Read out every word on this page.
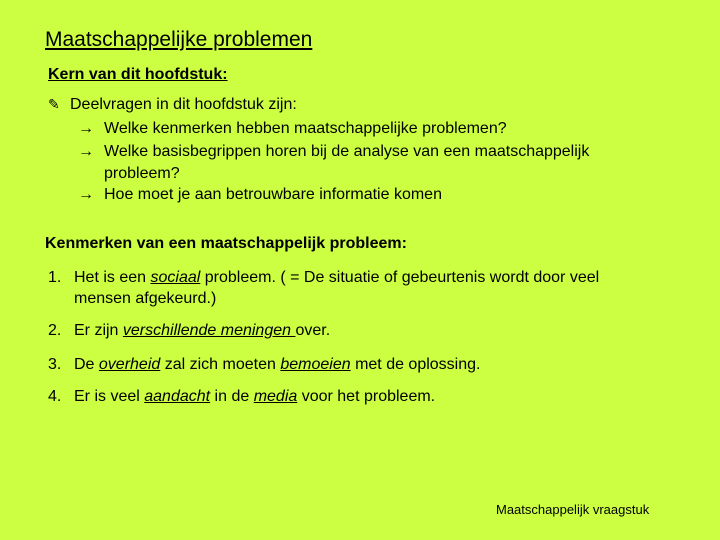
Maatschappelijke problemen
Kern van dit hoofdstuk:
✎ Deelvragen in dit hoofdstuk zijn:
→ Welke kenmerken hebben maatschappelijke problemen?
→ Welke basisbegrippen horen bij de analyse van een maatschappelijk
probleem?
→ Hoe moet je aan betrouwbare informatie komen
Kenmerken van een maatschappelijk probleem:
1. Het is een sociaal probleem. ( = De situatie of gebeurtenis wordt door veel
mensen afgekeurd.)
2. Er zijn verschillende meningen over.
3. De overheid zal zich moeten bemoeien met de oplossing.
4. Er is veel aandacht in de media voor het probleem.
Maatschappelijk vraagstuk
